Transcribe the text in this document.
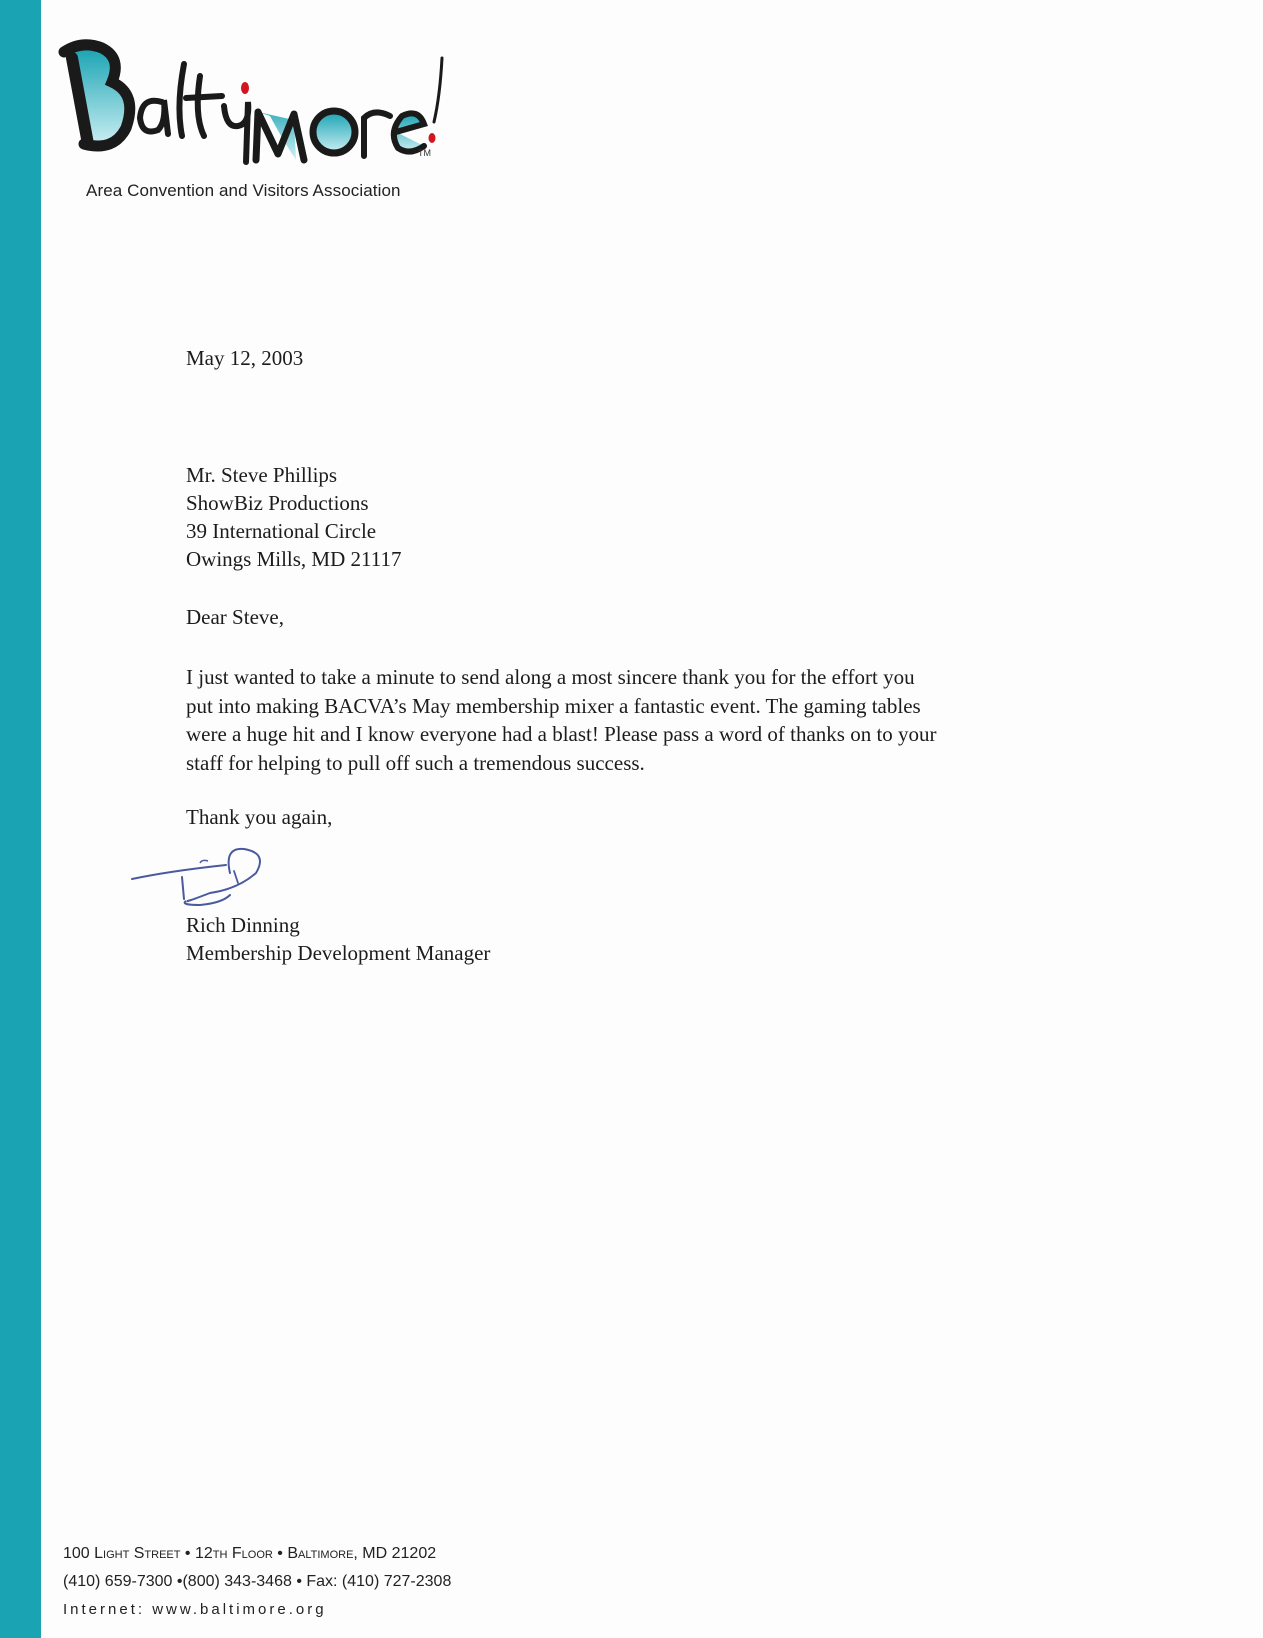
TM
Area Convention and Visitors Association
May 12, 2003
Mr. Steve Phillips
ShowBiz Productions
39 International Circle
Owings Mills, MD 21117
Dear Steve,
I just wanted to take a minute to send along a most sincere thank you for the effort you
put into making BACVA’s May membership mixer a fantastic event. The gaming tables
were a huge hit and I know everyone had a blast! Please pass a word of thanks on to your
staff for helping to pull off such a tremendous success.
Thank you again,
Rich Dinning
Membership Development Manager
100 Light Street • 12th Floor • Baltimore, MD 21202
(410) 659-7300 •(800) 343-3468 • Fax: (410) 727-2308
Internet: www.baltimore.org
